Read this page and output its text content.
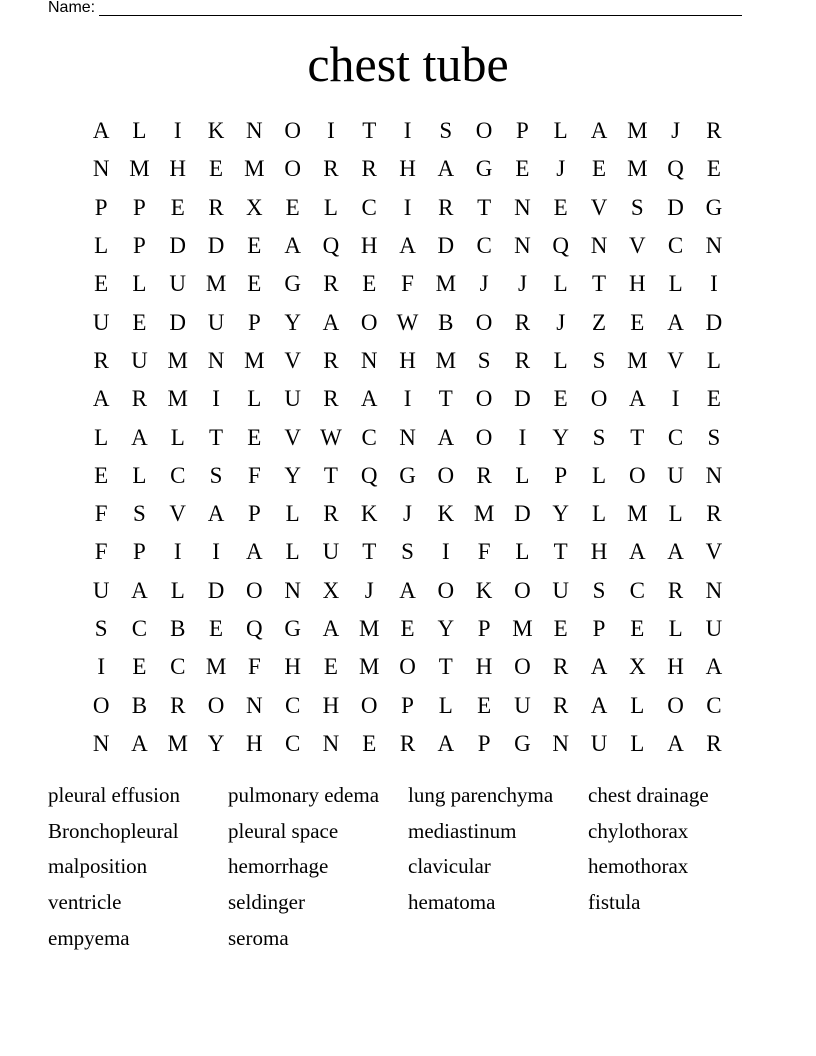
Name:
chest tube
A L	I	K N O	I	T	I	S	O	P	L A M	J	R
N M H E M O R R H A G E	J	E M Q E
P	P	E	R X E	L	C	I	R	T N E V	S	D G
L	P	D D E A Q H A D C N Q N V C N
E	L U M E G R	E	F M	J	J	L	T H L	I
U E D U	P	Y A O W B O R	J	Z	E A D
R U M N M V R N H M S	R	L	S M V L
A R M	I	L U R A	I	T O D E O A	I	E
L A L	T	E V W C N A O	I	Y	S	T	C	S
E	L	C	S	F	Y T Q G O R	L	P	L O U N
F	S	V A	P	L	R K	J	K M D Y L M L	R
F	P	I	I	A L U T	S	I	F	L	T H A A V
U A L D O N X	J	A O K O U	S	C R N
S	C B	E Q G A M E Y	P M E	P	E	L U
I	E	C M F	H E M O T H O R A X H A
O B R O N C H O	P	L	E U R A L O C
N A M Y H C N E	R A	P	G N U L A R
pleural effusion	pulmonary edema	lung parenchyma	chest drainage
Bronchopleural	pleural space	mediastinum	chylothorax
malposition	hemorrhage	clavicular	hemothorax
ventricle	seldinger	hematoma	fistula
empyema	seroma
